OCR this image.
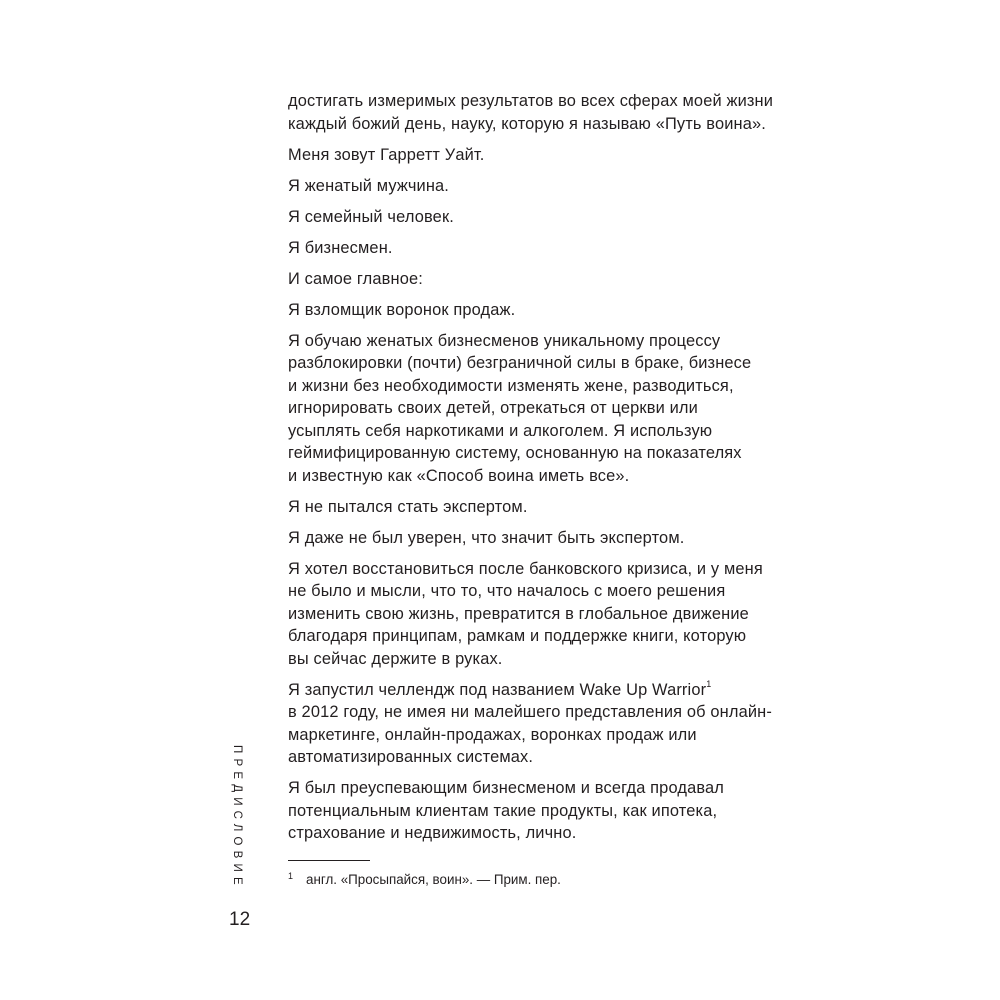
достигать измеримых результатов во всех сферах моей жизни
каждый божий день, науку, которую я называю «Путь воина».

Меня зовут Гарретт Уайт.

Я женатый мужчина.

Я семейный человек.

Я бизнесмен.

И самое главное:

Я взломщик воронок продаж.

Я обучаю женатых бизнесменов уникальному процессу
разблокировки (почти) безграничной силы в браке, бизнесе
и жизни без необходимости изменять жене, разводиться,
игнорировать своих детей, отрекаться от церкви или
усыплять себя наркотиками и алкоголем. Я использую
геймифицированную систему, основанную на показателях
и известную как «Способ воина иметь все».

Я не пытался стать экспертом.

Я даже не был уверен, что значит быть экспертом.

Я хотел восстановиться после банковского кризиса, и у меня
не было и мысли, что то, что началось с моего решения
изменить свою жизнь, превратится в глобальное движение
благодаря принципам, рамкам и поддержке книги, которую
вы сейчас держите в руках.

Я запустил челлендж под названием Wake Up Warrior$^1$
в 2012 году, не имея ни малейшего представления об онлайн-
маркетинге, онлайн-продажах, воронках продаж или
автоматизированных системах.

Я был преуспевающим бизнесменом и всегда продавал
потенциальным клиентам такие продукты, как ипотека,
страхование и недвижимость, лично.

$^1$ англ. «Просыпайся, воин». — Прим. пер.
ПРЕДИСЛОВИЕ
12
